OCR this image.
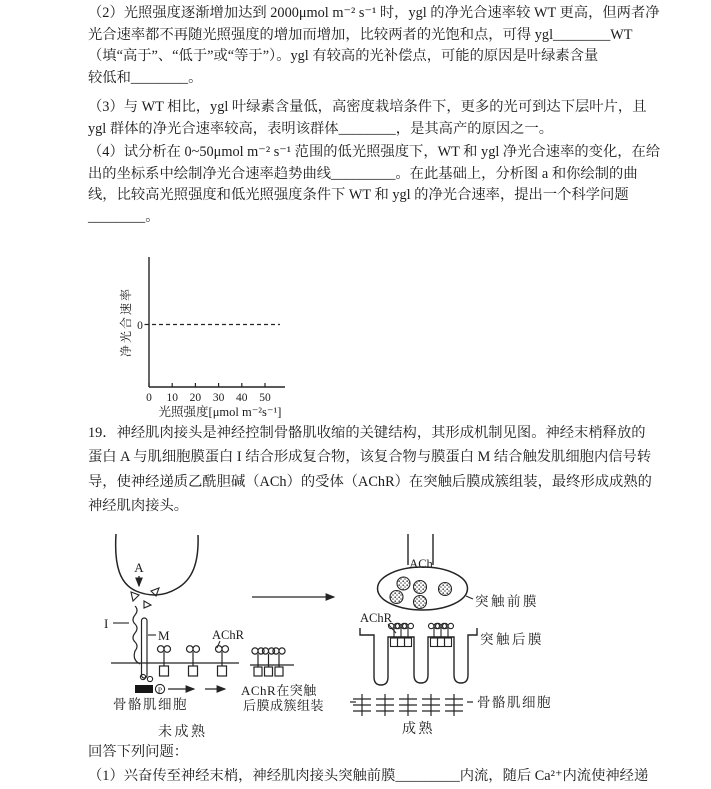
（2）光照强度逐渐增加达到 2000μmol m⁻² s⁻¹ 时，ygl 的净光合速率较 WT 更高，但两者净
光合速率都不再随光照强度的增加而增加，比较两者的光饱和点，可得 ygl________WT
（填“高于”、“低于”或“等于”）。ygl 有较高的光补偿点，可能的原因是叶绿素含量
较低和________。
（3）与 WT 相比，ygl 叶绿素含量低，高密度栽培条件下，更多的光可到达下层叶片，且
ygl 群体的净光合速率较高，表明该群体________，是其高产的原因之一。
（4）试分析在 0~50μmol m⁻² s⁻¹ 范围的低光照强度下，WT 和 ygl 净光合速率的变化，在给
出的坐标系中绘制净光合速率趋势曲线_________。在此基础上，分析图 a 和你绘制的曲
线，比较高光照强度和低光照强度条件下 WT 和 ygl 的净光合速率，提出一个科学问题
________。
0
0 10 20 30 40 50
光照强度[μmol m⁻²s⁻¹]
净光合速率
19．神经肌肉接头是神经控制骨骼肌收缩的关键结构，其形成机制见图。神经末梢释放的
蛋白 A 与肌细胞膜蛋白 I 结合形成复合物，该复合物与膜蛋白 M 结合触发肌细胞内信号转
导，使神经递质乙酰胆碱（ACh）的受体（AChR）在突触后膜成簇组装，最终形成成熟的
神经肌肉接头。
A
I
M	AChR
P	AChR在突触
后膜成簇组装
骨骼肌细胞
未成熟
ACh
突触前膜
AChR
突触后膜
骨骼肌细胞
成熟
回答下列问题：
（1）兴奋传至神经末梢，神经肌肉接头突触前膜_________内流，随后 Ca²⁺内流使神经递
